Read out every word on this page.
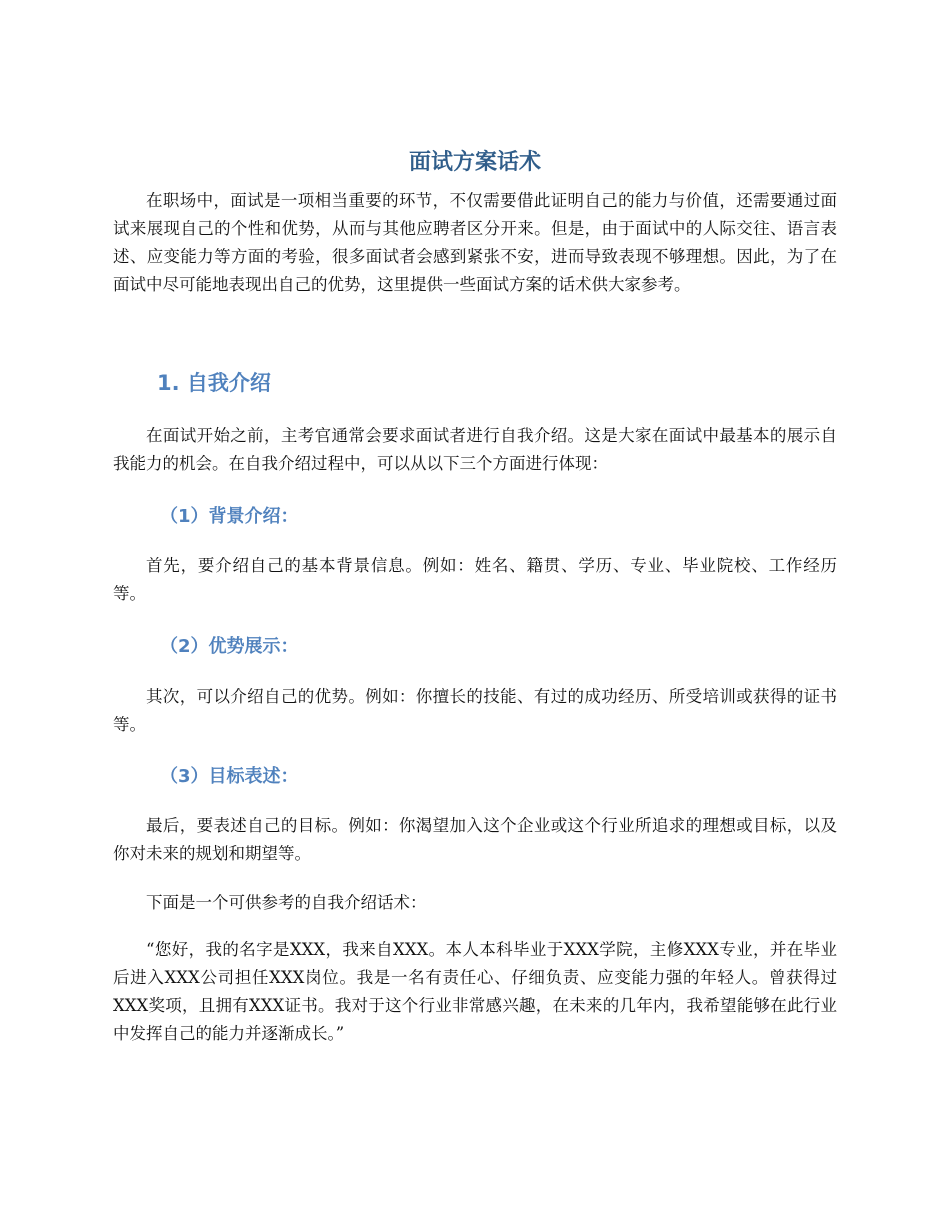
面试方案话术

在职场中，面试是一项相当重要的环节，不仅需要借此证明自己的能力与价值，还需要通过面试来展现自己的个性和优势，从而与其他应聘者区分开来。但是，由于面试中的人际交往、语言表述、应变能力等方面的考验，很多面试者会感到紧张不安，进而导致表现不够理想。因此，为了在面试中尽可能地表现出自己的优势，这里提供一些面试方案的话术供大家参考。

1. 自我介绍

在面试开始之前，主考官通常会要求面试者进行自我介绍。这是大家在面试中最基本的展示自我能力的机会。在自我介绍过程中，可以从以下三个方面进行体现：

（1）背景介绍：

首先，要介绍自己的基本背景信息。例如：姓名、籍贯、学历、专业、毕业院校、工作经历等。

（2）优势展示：

其次，可以介绍自己的优势。例如：你擅长的技能、有过的成功经历、所受培训或获得的证书等。

（3）目标表述：

最后，要表述自己的目标。例如：你渴望加入这个企业或这个行业所追求的理想或目标，以及你对未来的规划和期望等。

下面是一个可供参考的自我介绍话术：

“您好，我的名字是XXX，我来自XXX。本人本科毕业于XXX学院，主修XXX专业，并在毕业后进入XXX公司担任XXX岗位。我是一名有责任心、仔细负责、应变能力强的年轻人。曾获得过XXX奖项，且拥有XXX证书。我对于这个行业非常感兴趣，在未来的几年内，我希望能够在此行业中发挥自己的能力并逐渐成长。”
